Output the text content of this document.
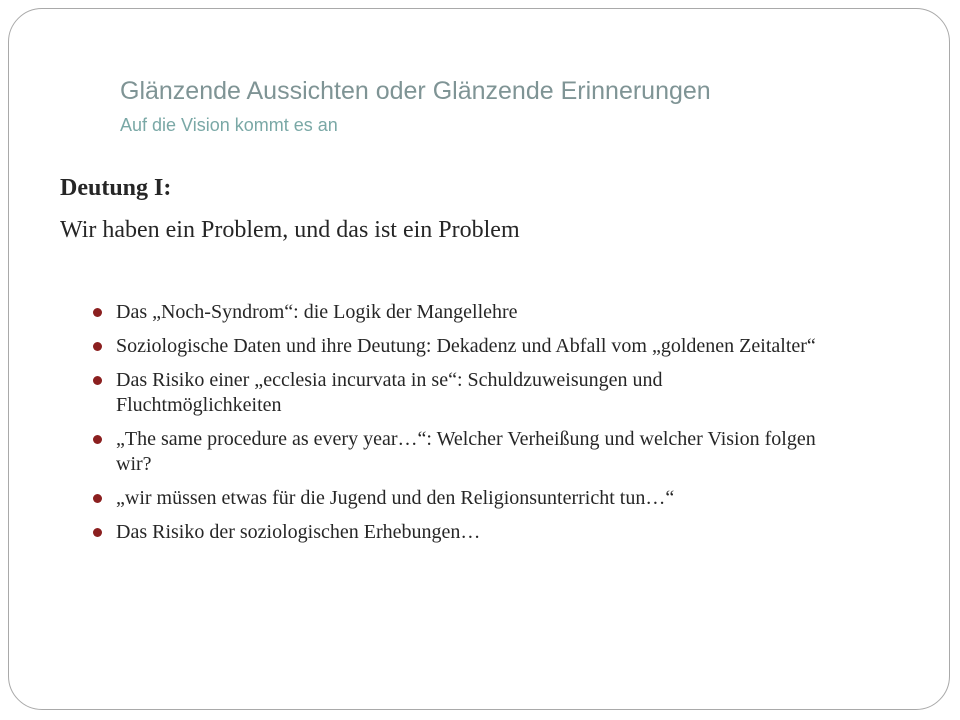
Glänzende Aussichten oder Glänzende Erinnerungen
Auf die Vision kommt es an
Deutung I:
Wir haben ein Problem, und das ist ein Problem
Das „Noch-Syndrom“: die Logik der Mangellehre
Soziologische Daten und ihre Deutung: Dekadenz und Abfall vom „goldenen Zeitalter“
Das Risiko einer „ecclesia incurvata in se“: Schuldzuweisungen und Fluchtmöglichkeiten
„The same procedure as every year…“: Welcher Verheißung und welcher Vision folgen wir?
„wir müssen etwas für die Jugend und den Religionsunterricht tun…“
Das Risiko der soziologischen Erhebungen…
